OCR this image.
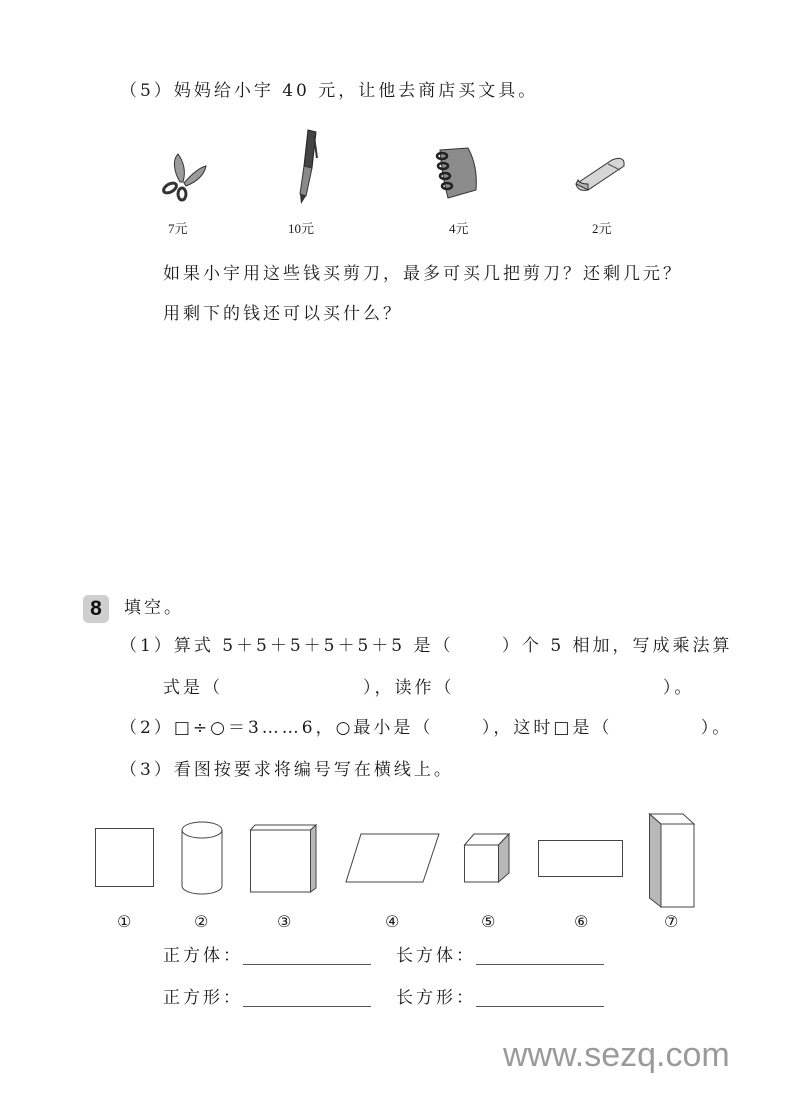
（5）妈妈给小宇 40 元，让他去商店买文具。
7元	10元	4元	2元
如果小宇用这些钱买剪刀，最多可买几把剪刀？还剩几元？
用剩下的钱还可以买什么？
8	填空。
（1）算式 5＋5＋5＋5＋5＋5 是（　　 ）个 5 相加，写成乘法算
式是（　　　　　　　），读作（　　　　　　　　　　 ）。
（2）□÷○＝3……6，○最小是（　　 ），这时□是（　　　　 ）。
（3）看图按要求将编号写在横线上。
①	②	③	④	⑤	⑥	⑦
正方体：	长方体：
正方形：	长方形：
www.sezq.com
